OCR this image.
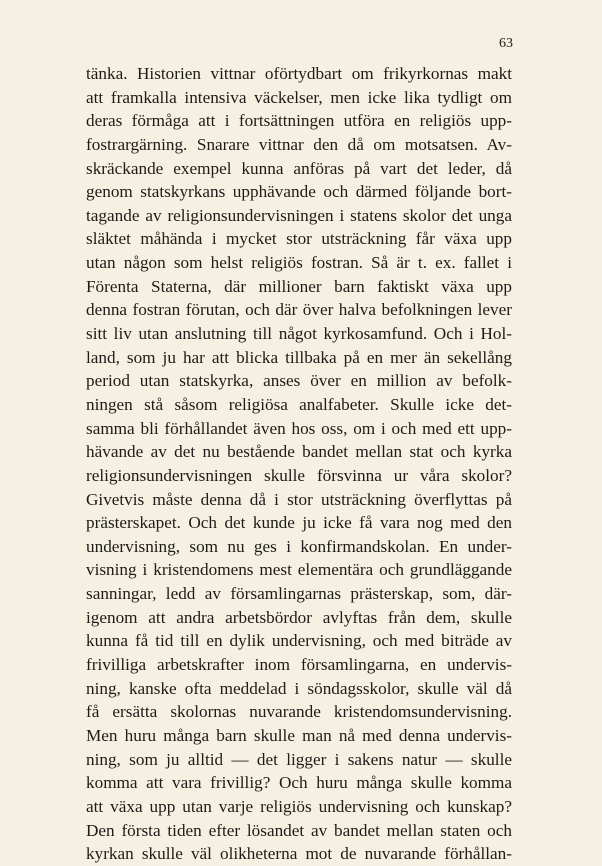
63
tänka. Historien vittnar oförtydbart om frikyrkornas makt
att framkalla intensiva väckelser, men icke lika tydligt om
deras förmåga att i fortsättningen utföra en religiös upp-
fostrargärning. Snarare vittnar den då om motsatsen. Av-
skräckande exempel kunna anföras på vart det leder, då
genom statskyrkans upphävande och därmed följande bort-
tagande av religionsundervisningen i statens skolor det unga
släktet måhända i mycket stor utsträckning får växa upp
utan någon som helst religiös fostran. Så är t. ex. fallet i
Förenta Staterna, där millioner barn faktiskt växa upp
denna fostran förutan, och där över halva befolkningen lever
sitt liv utan anslutning till något kyrkosamfund. Och i Hol-
land, som ju har att blicka tillbaka på en mer än sekellång
period utan statskyrka, anses över en million av befolk-
ningen stå såsom religiösa analfabeter. Skulle icke det-
samma bli förhållandet även hos oss, om i och med ett upp-
hävande av det nu bestående bandet mellan stat och kyrka
religionsundervisningen skulle försvinna ur våra skolor?
Givetvis måste denna då i stor utsträckning överflyttas på
prästerskapet. Och det kunde ju icke få vara nog med den
undervisning, som nu ges i konfirmandskolan. En under-
visning i kristendomens mest elementära och grundläggande
sanningar, ledd av församlingarnas prästerskap, som, där-
igenom att andra arbetsbördor avlyftas från dem, skulle
kunna få tid till en dylik undervisning, och med biträde av
frivilliga arbetskrafter inom församlingarna, en undervis-
ning, kanske ofta meddelad i söndagsskolor, skulle väl då
få ersätta skolornas nuvarande kristendomsundervisning.
Men huru många barn skulle man nå med denna undervis-
ning, som ju alltid — det ligger i sakens natur — skulle
komma att vara frivillig? Och huru många skulle komma
att växa upp utan varje religiös undervisning och kunskap?
Den första tiden efter lösandet av bandet mellan staten och
kyrkan skulle väl olikheterna mot de nuvarande förhållan-
